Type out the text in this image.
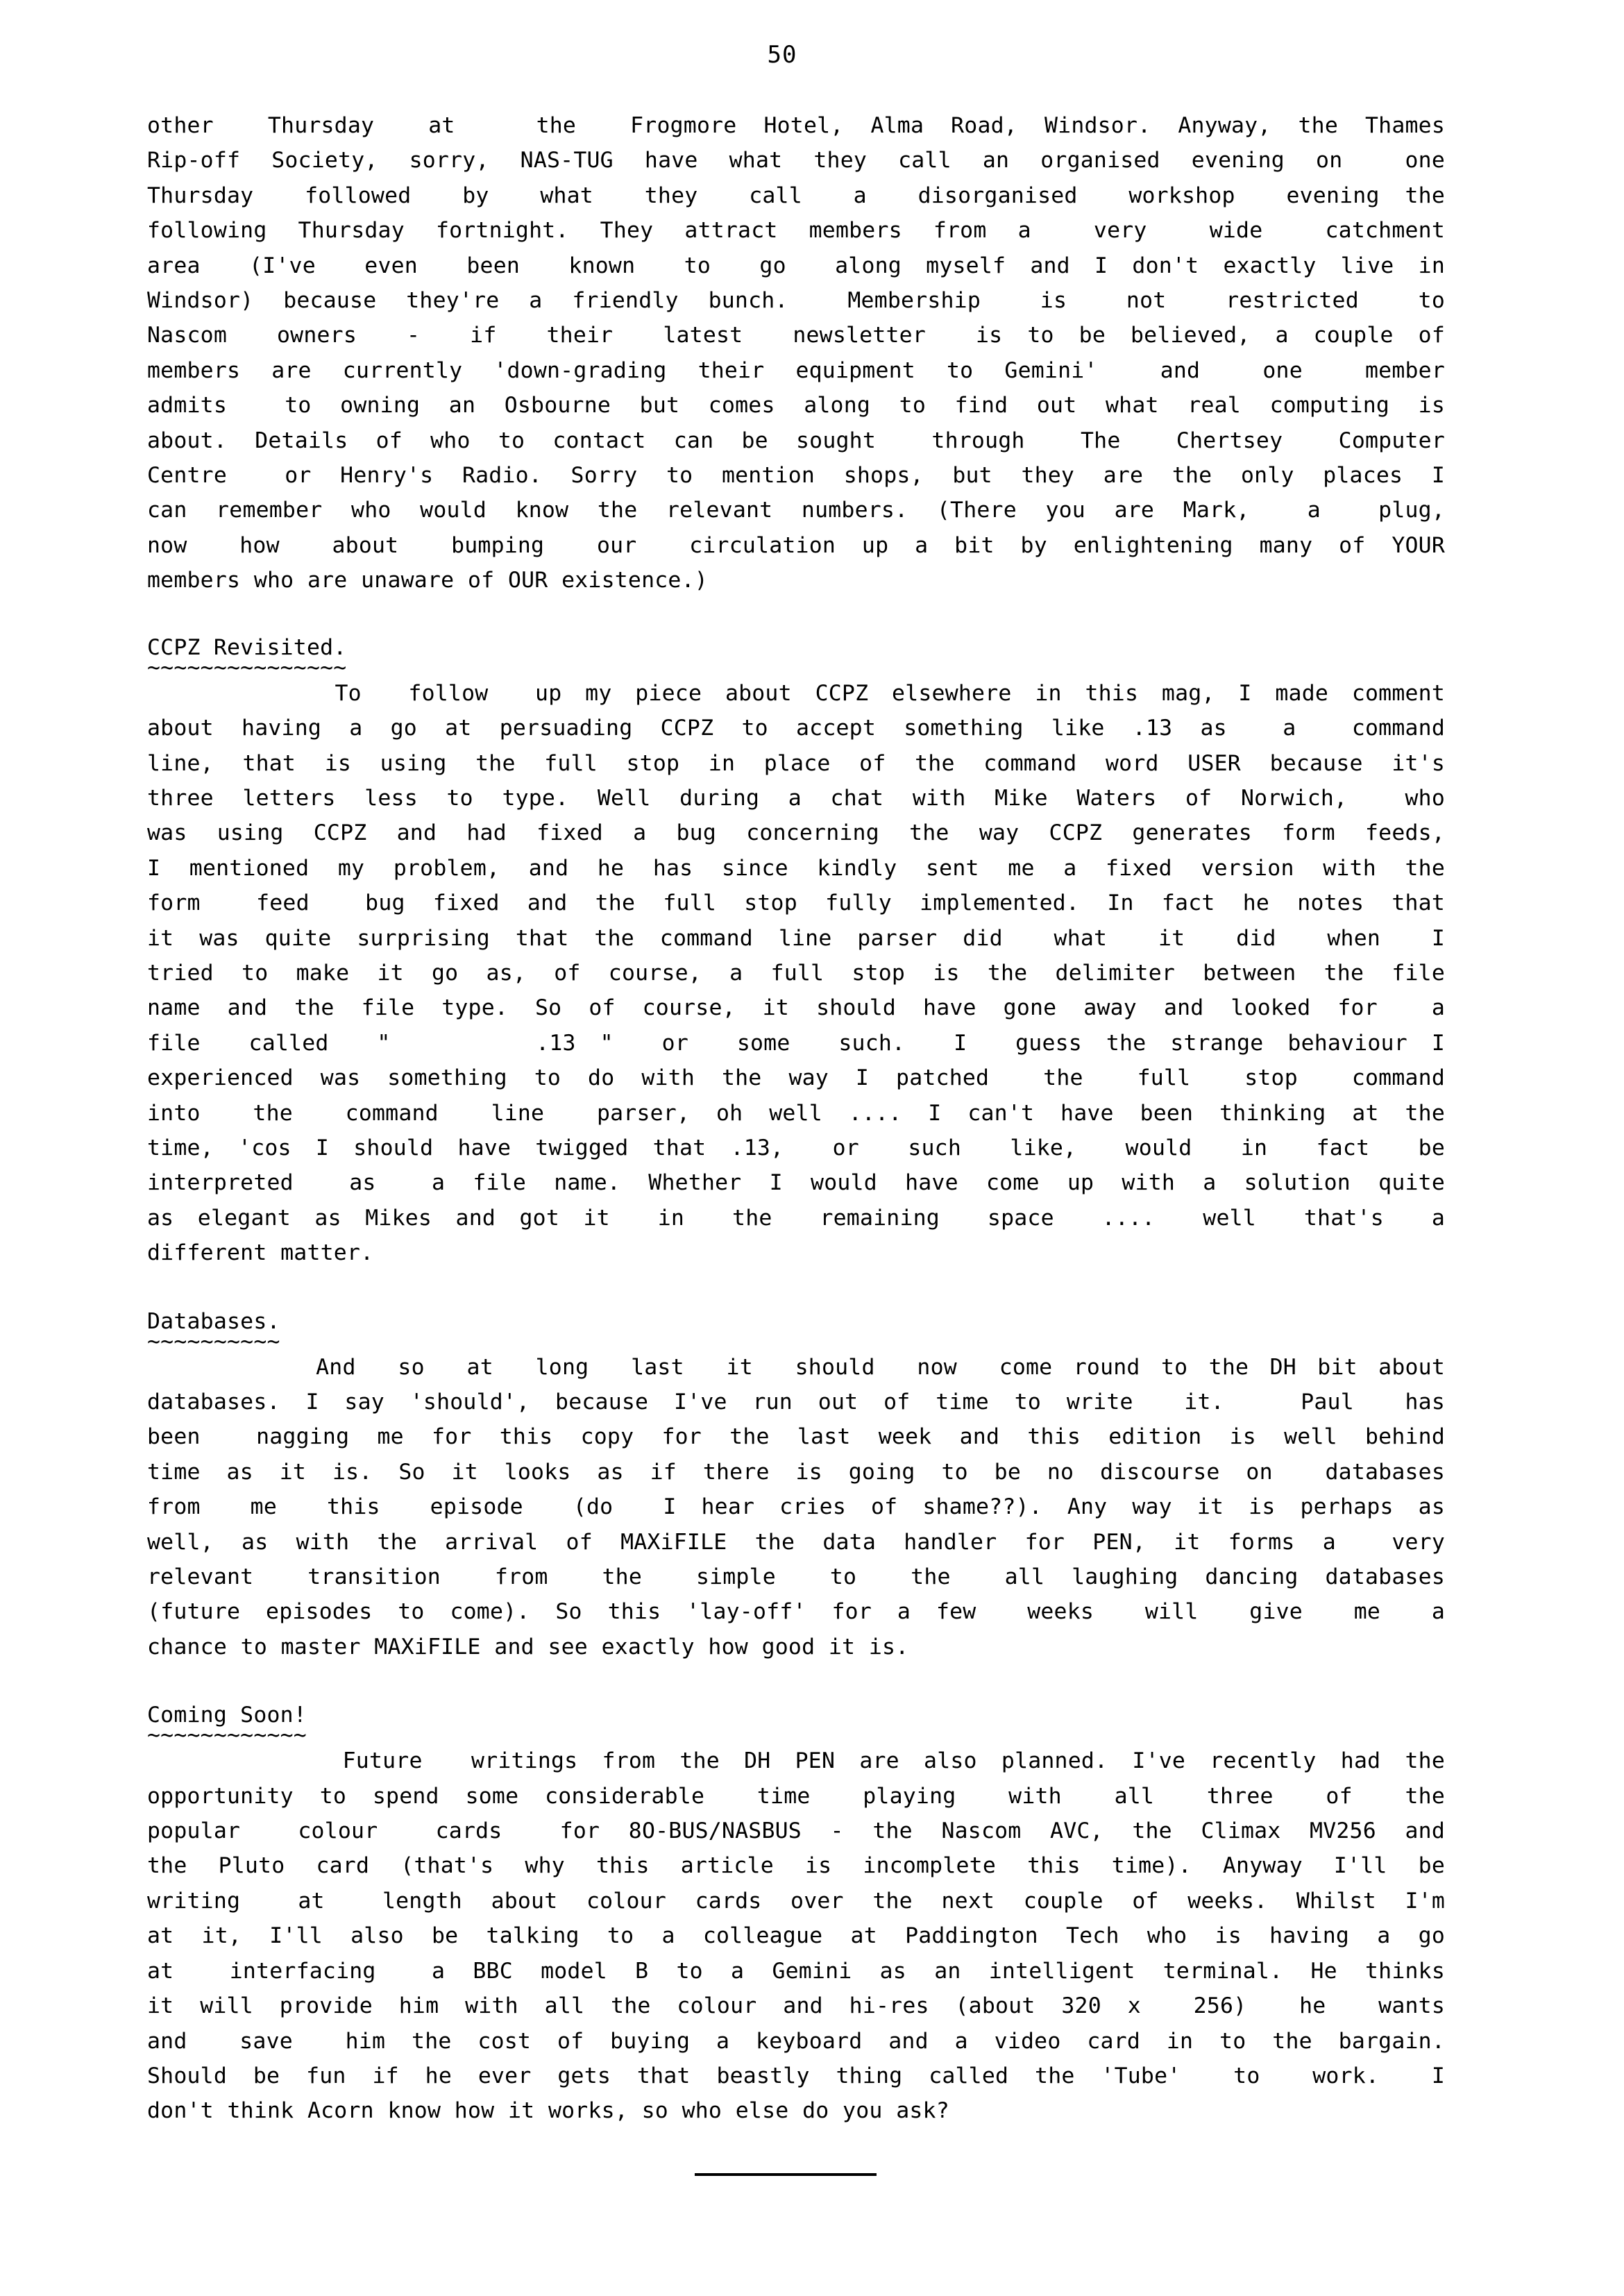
50
other  Thursday  at   the  Frogmore Hotel, Alma Road, Windsor. Anyway, the Thames
Rip-off Society, sorry, NAS-TUG have what they call an organised evening on  one
Thursday  followed  by  what  they  call  a  disorganised  workshop  evening the
following Thursday fortnight. They attract members from a  very  wide  catchment
area  (I've  even  been  known  to  go  along myself and I don't exactly live in
Windsor) because they're a friendly bunch.  Membership  is  not  restricted  to
Nascom  owners  -  if  their  latest  newsletter  is to be believed, a couple of
members are currently 'down-grading their equipment to Gemini'  and  one  member
admits  to owning an Osbourne but comes along to find out what real computing is
about. Details of who to contact can be sought  through  The  Chertsey  Computer
Centre  or Henry's Radio. Sorry to mention shops, but they are the only places I
can remember who would know the relevant numbers. (There you are Mark,  a  plug,
now  how  about  bumping  our  circulation up a bit by enlightening many of YOUR
members who are unaware of OUR existence.)
CCPZ Revisited.
~~~~~~~~~~~~~~~
To  follow  up my piece about CCPZ elsewhere in this mag, I made comment
about having a go at persuading CCPZ to accept something like .13 as  a  command
line, that is using the full stop in place of the command word USER because it's
three letters less to type. Well during a chat with Mike Waters of Norwich,  who
was using CCPZ and had fixed a bug concerning the way CCPZ generates form feeds,
I mentioned my problem, and he has since kindly sent me a fixed version with the
form  feed  bug fixed and the full stop fully implemented. In fact he notes that
it was quite surprising that the command line parser did  what  it  did  when  I
tried to make it go as, of course, a full stop is the delimiter between the file
name and the file type. So of course, it should have gone away and looked for  a
file  called  "      .13 "  or  some  such.  I  guess the strange behaviour I
experienced was something to do with the way I patched  the  full  stop  command
into  the  command  line  parser, oh well .... I can't have been thinking at the
time, 'cos I should have twigged that .13,  or  such  like,  would  in  fact  be
interpreted  as  a file name. Whether I would have come up with a solution quite
as elegant as Mikes and got it  in  the  remaining  space  ....  well  that's  a
different matter.
Databases.
~~~~~~~~~~
And  so  at  long  last  it  should  now  come round to the DH bit about
databases. I say 'should', because I've run out of time to write  it.   Paul  has
been  nagging me for this copy for the last week and this edition is well behind
time as it is. So it looks as if there is going to be no discourse on  databases
from  me  this  episode  (do  I hear cries of shame??). Any way it is perhaps as
well, as with the arrival of MAXiFILE the data handler for PEN, it forms a  very
relevant  transition  from  the  simple  to  the  all laughing dancing databases
(future episodes to come). So this 'lay-off' for a few  weeks  will  give  me  a
chance to master MAXiFILE and see exactly how good it is.
Coming Soon!
~~~~~~~~~~~~
Future  writings from the DH PEN are also planned. I've recently had the
opportunity to spend some considerable  time  playing  with  all  three  of  the
popular  colour  cards  for 8O-BUS/NASBUS - the Nascom AVC, the Climax MV256 and
the Pluto card (that's why this article is incomplete this time). Anyway I'll be
writing  at  length about colour cards over the next couple of weeks. Whilst I'm
at it, I'll also be talking to a colleague at Paddington Tech who is having a go
at  interfacing  a BBC model B to a Gemini as an intelligent terminal. He thinks
it will provide him with all the colour and hi-res (about 320 x  256)  he  wants
and  save  him the cost of buying a keyboard and a video card in to the bargain.
Should be fun if he ever gets that beastly thing called the 'Tube'  to  work.  I
don't think Acorn know how it works, so who else do you ask?
